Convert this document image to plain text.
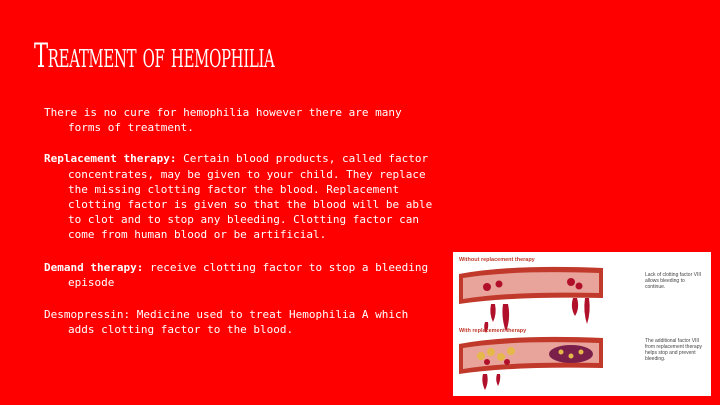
Treatment of hemophilia

There is no cure for hemophilia however there are many forms of treatment.

Replacement therapy: Certain blood products, called factor concentrates, may be given to your child. They replace the missing clotting factor the blood. Replacement clotting factor is given so that the blood will be able to clot and to stop any bleeding. Clotting factor can come from human blood or be artificial.

Demand therapy: receive clotting factor to stop a bleeding episode

Desmopressin: Medicine used to treat Hemophilia A which adds clotting factor to the blood.

Without replacement therapy
Lack of clotting factor VIII allows bleeding to continue.
With replacement therapy
The additional factor VIII from replacement therapy helps stop and prevent bleeding.
